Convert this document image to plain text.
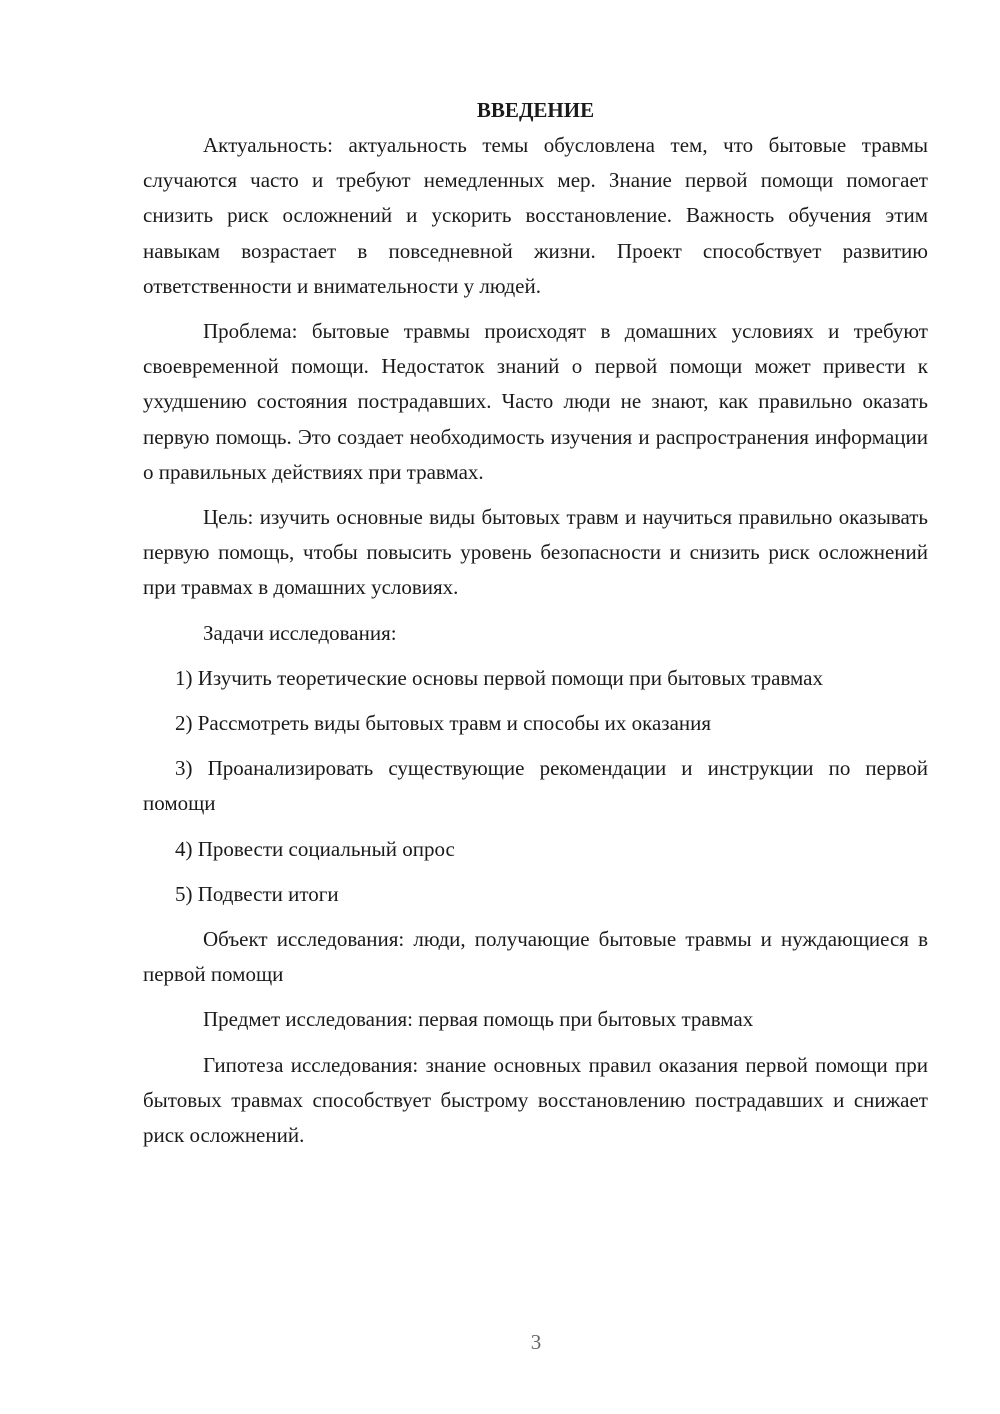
ВВЕДЕНИЕ

Актуальность: актуальность темы обусловлена тем, что бытовые травмы случаются часто и требуют немедленных мер. Знание первой помощи помогает снизить риск осложнений и ускорить восстановление. Важность обучения этим навыкам возрастает в повседневной жизни. Проект способствует развитию ответственности и внимательности у людей.

Проблема: бытовые травмы происходят в домашних условиях и требуют своевременной помощи. Недостаток знаний о первой помощи может привести к ухудшению состояния пострадавших. Часто люди не знают, как правильно оказать первую помощь. Это создает необходимость изучения и распространения информации о правильных действиях при травмах.

Цель: изучить основные виды бытовых травм и научиться правильно оказывать первую помощь, чтобы повысить уровень безопасности и снизить риск осложнений при травмах в домашних условиях.

Задачи исследования:

1) Изучить теоретические основы первой помощи при бытовых травмах

2) Рассмотреть виды бытовых травм и способы их оказания

3) Проанализировать существующие рекомендации и инструкции по первой помощи

4) Провести социальный опрос

5) Подвести итоги

Объект исследования: люди, получающие бытовые травмы и нуждающиеся в первой помощи

Предмет исследования: первая помощь при бытовых травмах

Гипотеза исследования: знание основных правил оказания первой помощи при бытовых травмах способствует быстрому восстановлению пострадавших и снижает риск осложнений.

3
